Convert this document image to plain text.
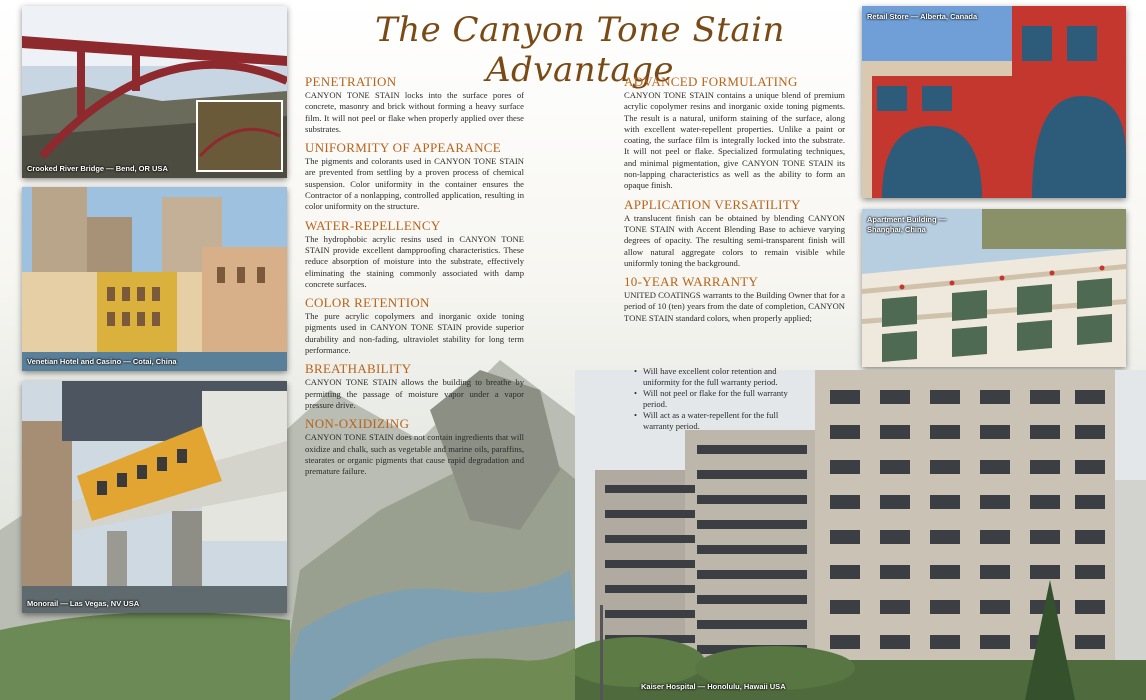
The Canyon Tone Stain Advantage
Crooked River Bridge — Bend, OR USA
Venetian Hotel and Casino — Cotai, China
Monorail — Las Vegas, NV USA
Retail Store — Alberta, Canada
Apartment Building —
Shanghai, China
Kaiser Hospital — Honolulu, Hawaii USA
PENETRATION
CANYON TONE STAIN locks into the surface pores of concrete, masonry and brick without forming a heavy surface film. It will not peel or flake when properly applied over these substrates.
UNIFORMITY OF APPEARANCE
The pigments and colorants used in CANYON TONE STAIN are prevented from settling by a proven process of chemical suspension. Color uniformity in the container ensures the Contractor of a nonlapping, controlled application, resulting in color uniformity on the structure.
WATER-REPELLENCY
The hydrophobic acrylic resins used in CANYON TONE STAIN provide excellent dampproofing characteristics. These reduce absorption of moisture into the substrate, effectively eliminating the staining commonly associated with damp concrete surfaces.
COLOR RETENTION
The pure acrylic copolymers and inorganic oxide toning pigments used in CANYON TONE STAIN provide superior durability and non-fading, ultraviolet stability for long term performance.
BREATHABILITY
CANYON TONE STAIN allows the building to breathe by permitting the passage of moisture vapor under a vapor pressure drive.
NON-OXIDIZING
CANYON TONE STAIN does not contain ingredients that will oxidize and chalk, such as vegetable and marine oils, paraffins, stearates or organic pigments that cause rapid degradation and premature failure.
ADVANCED FORMULATING
CANYON TONE STAIN contains a unique blend of premium acrylic copolymer resins and inorganic oxide toning pigments. The result is a natural, uniform staining of the surface, along with excellent water-repellent properties. Unlike a paint or coating, the surface film is integrally locked into the substrate. It will not peel or flake. Specialized formulating techniques, and minimal pigmentation, give CANYON TONE STAIN its non-lapping characteristics as well as the ability to form an opaque finish.
APPLICATION VERSATILITY
A translucent finish can be obtained by blending CANYON TONE STAIN with Accent Blending Base to achieve varying degrees of opacity. The resulting semi-transparent finish will allow natural aggregate colors to remain visible while uniformly toning the background.
10-YEAR WARRANTY
UNITED COATINGS warrants to the Building Owner that for a period of 10 (ten) years from the date of completion, CANYON TONE STAIN standard colors, when properly applied;
• Will have excellent color retention and uniformity for the full warranty period.
• Will not peel or flake for the full warranty period.
• Will act as a water-repellent for the full warranty period.
